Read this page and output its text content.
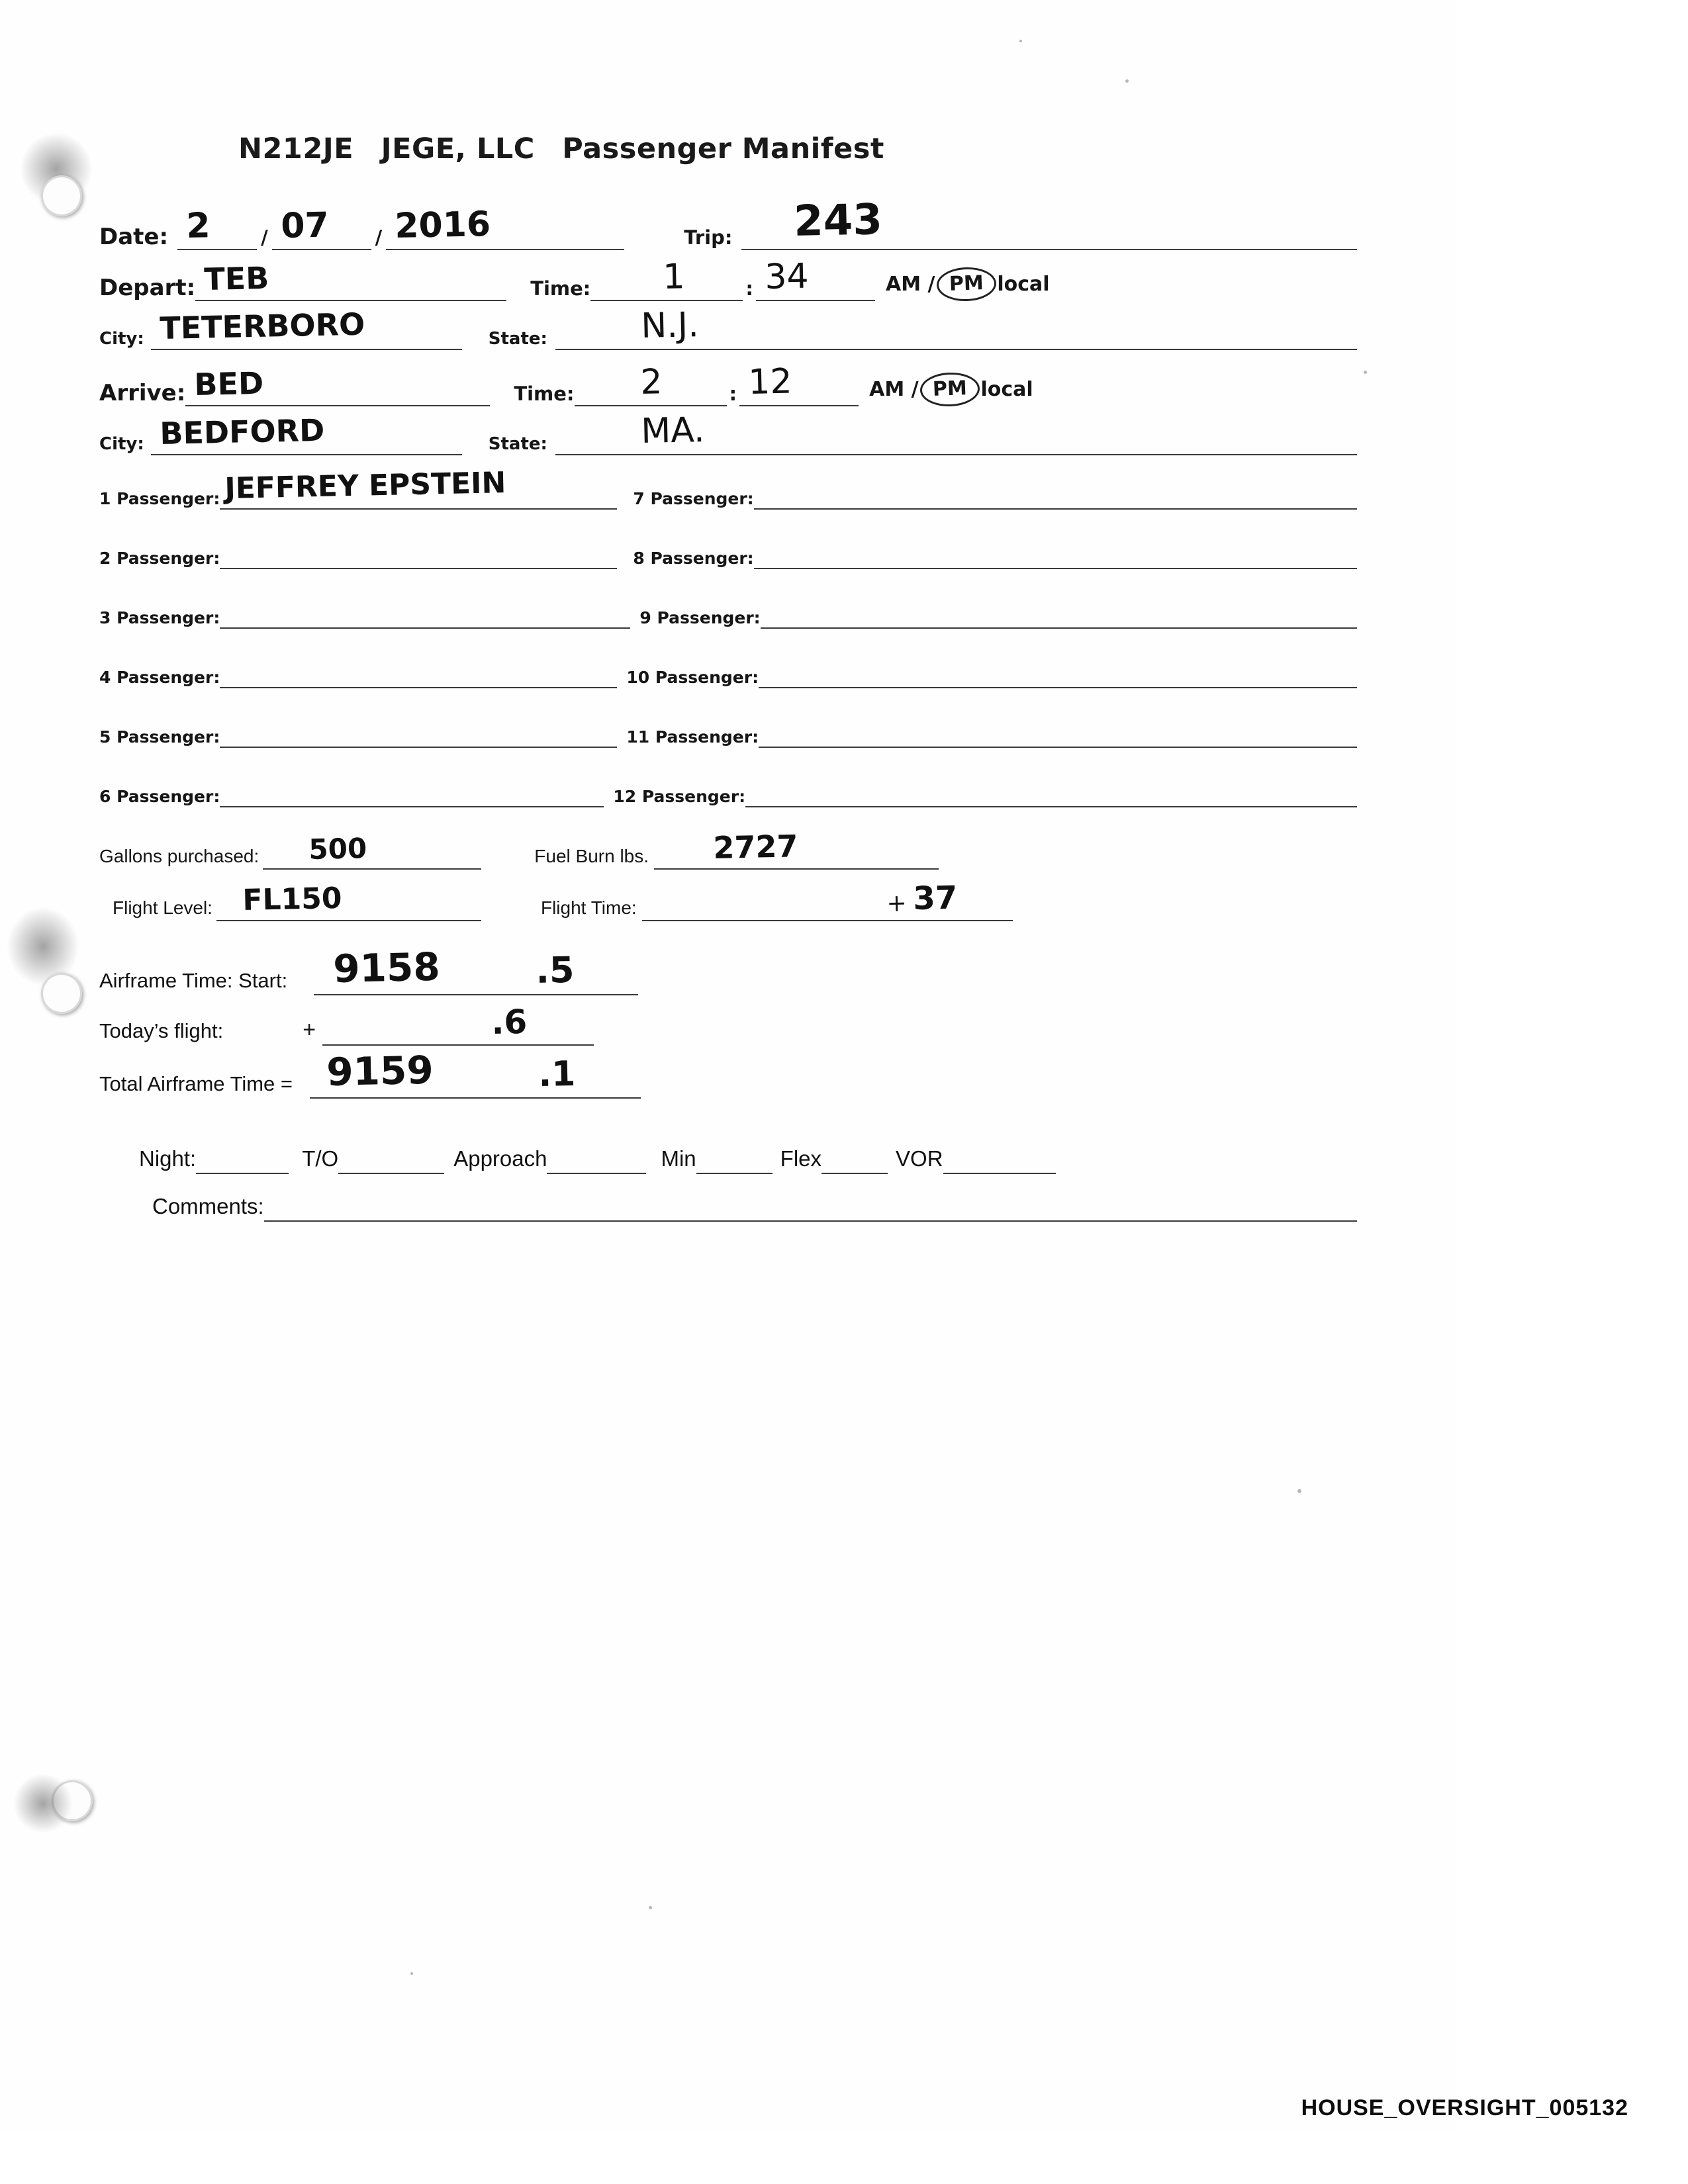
N212JE JEGE, LLC Passenger Manifest
Date: 2	/ 07 / 2016	Trip: 243
Depart: TEB	Time: 1	: 34	AM / PM local
City: TETERBORO	State:	N.J.
Arrive: BED	Time: 2	: 12	AM / PM local
City: BEDFORD	State:	MA.
1 Passenger: JEFFREY EPSTEIN	7 Passenger:
2 Passenger:	8 Passenger:
3 Passenger:	9 Passenger:
4 Passenger:	10 Passenger:
5 Passenger:	11 Passenger:
6 Passenger:	12 Passenger:
Gallons purchased: 500	Fuel Burn lbs. 2727
Flight Level: FL150	Flight Time:	+ 37
Airframe Time: Start: 9158	.5
Today’s flight:	+	.6
Total Airframe Time = 9159	.1
Night:	T/O	Approach	Min	Flex	VOR
Comments:
HOUSE_OVERSIGHT_005132
